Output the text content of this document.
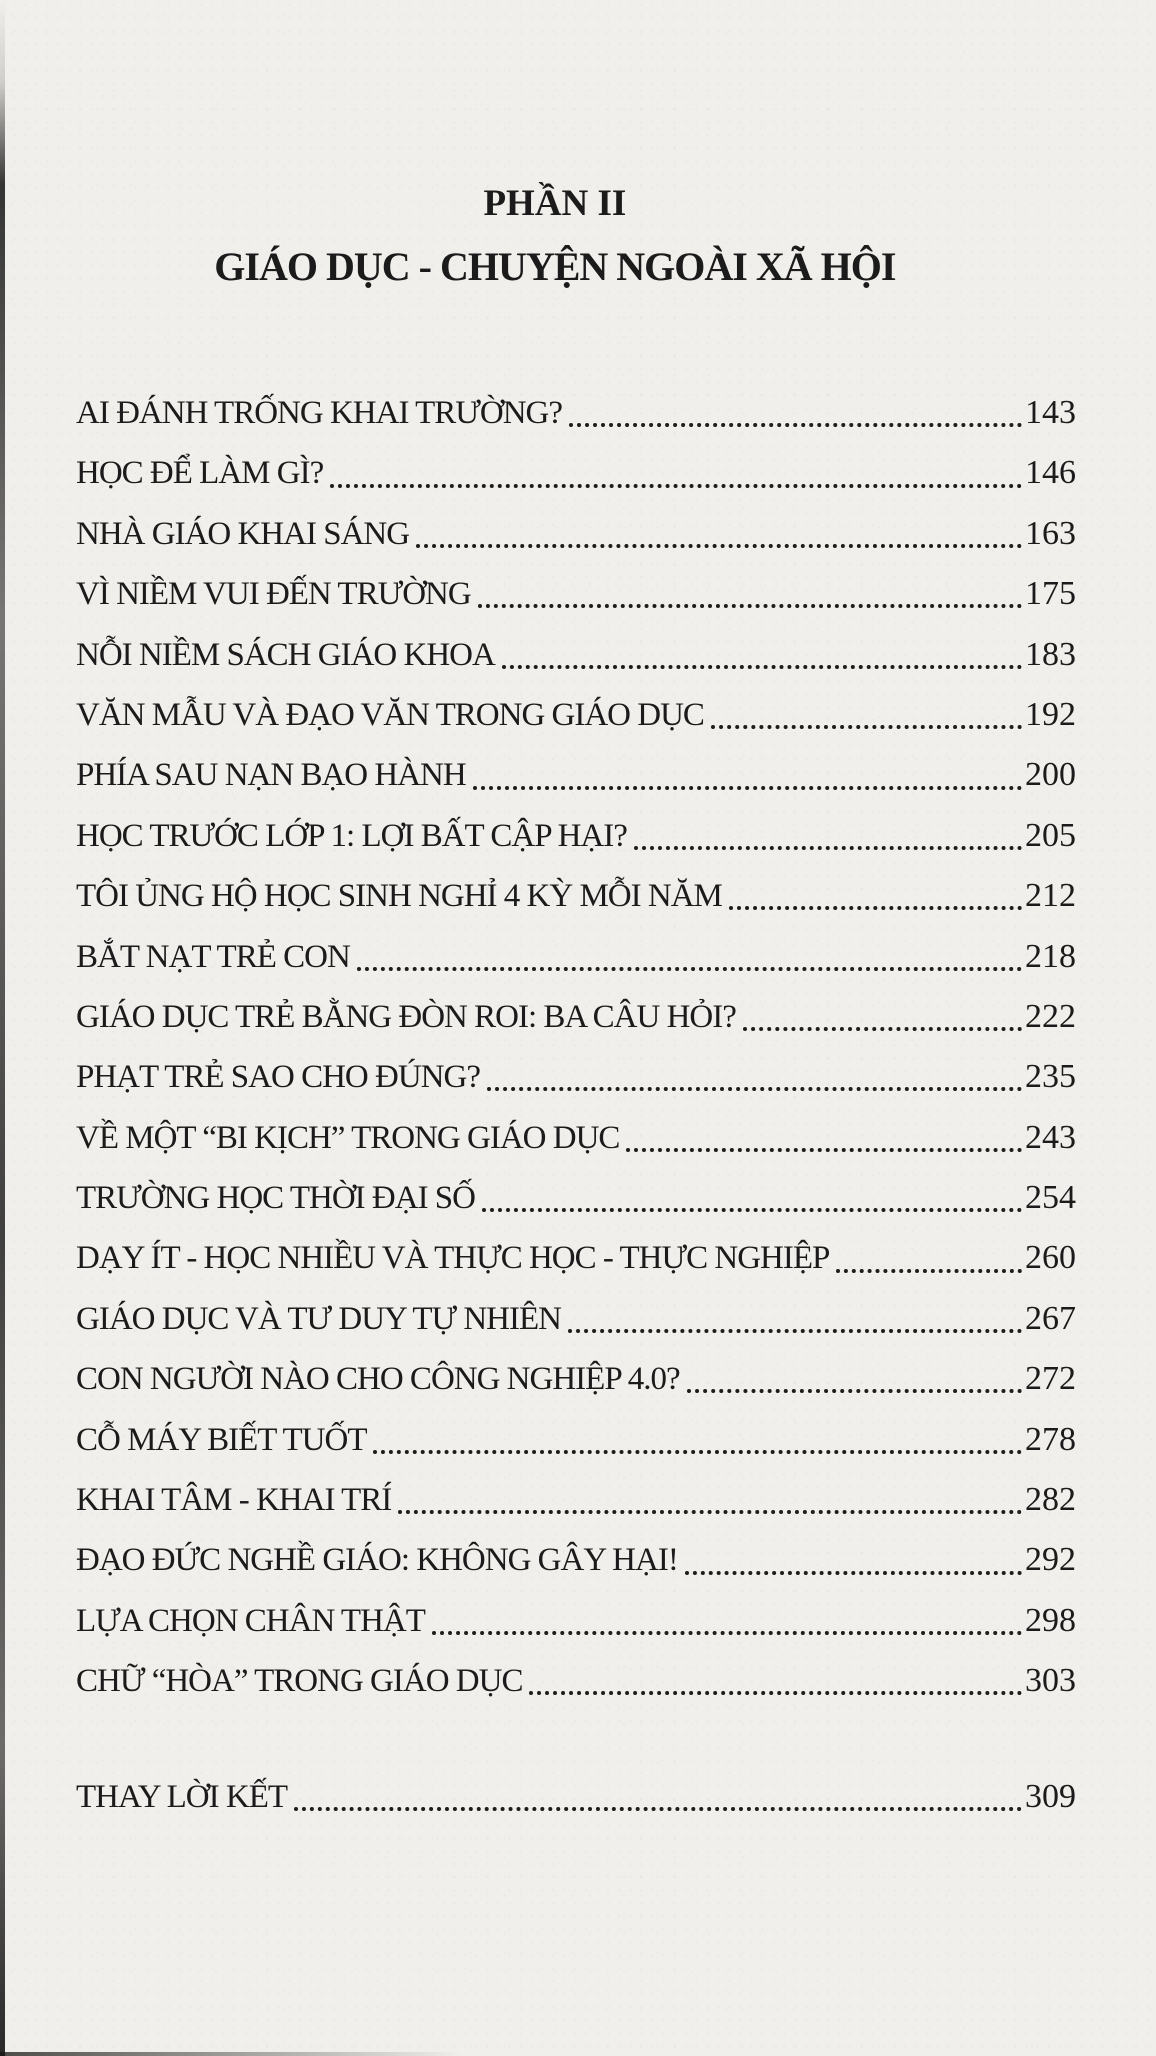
PHẦN II
GIÁO DỤC - CHUYỆN NGOÀI XÃ HỘI
AI ĐÁNH TRỐNG KHAI TRƯỜNG?	143
HỌC ĐỂ LÀM GÌ?	146
NHÀ GIÁO KHAI SÁNG	163
VÌ NIỀM VUI ĐẾN TRƯỜNG	175
NỖI NIỀM SÁCH GIÁO KHOA	183
VĂN MẪU VÀ ĐẠO VĂN TRONG GIÁO DỤC	192
PHÍA SAU NẠN BẠO HÀNH	200
HỌC TRƯỚC LỚP 1: LỢI BẤT CẬP HẠI?	205
TÔI ỦNG HỘ HỌC SINH NGHỈ 4 KỲ MỖI NĂM	212
BẮT NẠT TRẺ CON	218
GIÁO DỤC TRẺ BẰNG ĐÒN ROI: BA CÂU HỎI?	222
PHẠT TRẺ SAO CHO ĐÚNG?	235
VỀ MỘT “BI KỊCH” TRONG GIÁO DỤC	243
TRƯỜNG HỌC THỜI ĐẠI SỐ	254
DẠY ÍT - HỌC NHIỀU VÀ THỰC HỌC - THỰC NGHIỆP	260
GIÁO DỤC VÀ TƯ DUY TỰ NHIÊN	267
CON NGƯỜI NÀO CHO CÔNG NGHIỆP 4.0?	272
CỖ MÁY BIẾT TUỐT	278
KHAI TÂM - KHAI TRÍ	282
ĐẠO ĐỨC NGHỀ GIÁO: KHÔNG GÂY HẠI!	292
LỰA CHỌN CHÂN THẬT	298
CHỮ “HÒA” TRONG GIÁO DỤC	303
THAY LỜI KẾT	309
